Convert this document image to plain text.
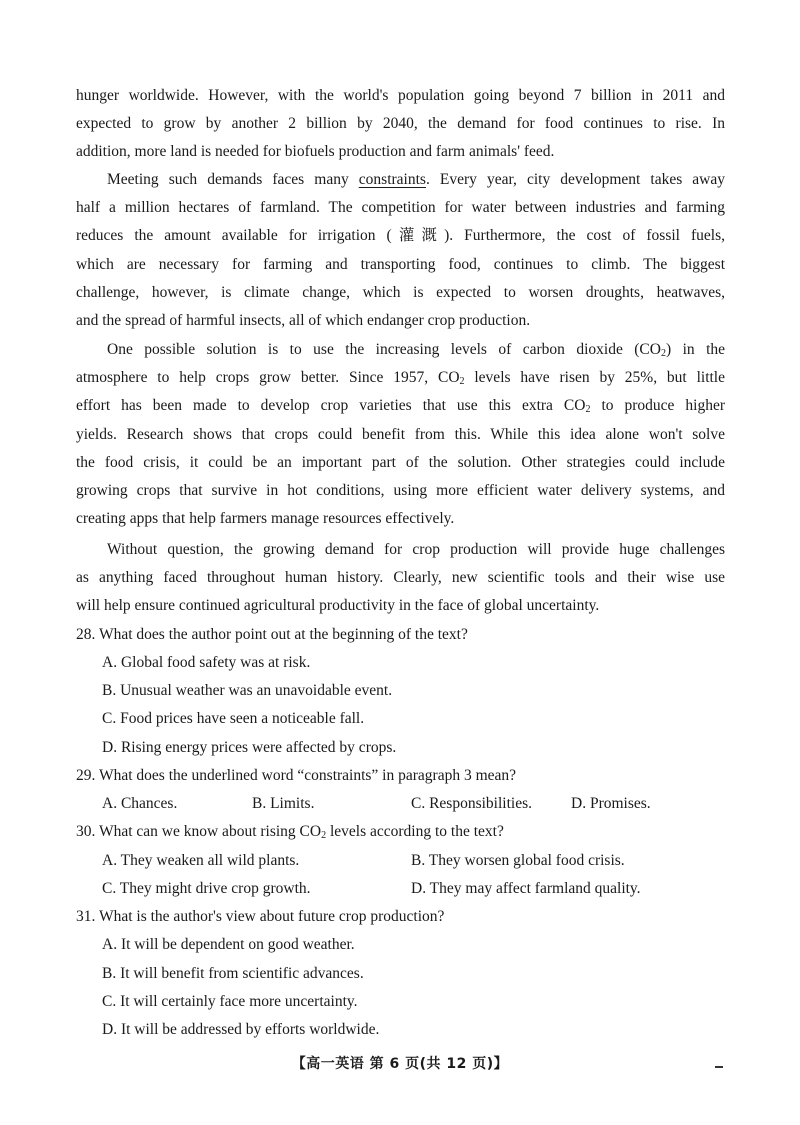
hunger worldwide. However, with the world's population going beyond 7 billion in 2011 and
expected to grow by another 2 billion by 2040, the demand for food continues to rise. In
addition, more land is needed for biofuels production and farm animals' feed.
Meeting such demands faces many constraints. Every year, city development takes away
half a million hectares of farmland. The competition for water between industries and farming
reduces the amount available for irrigation (灌溉). Furthermore, the cost of fossil fuels,
which are necessary for farming and transporting food, continues to climb. The biggest
challenge, however, is climate change, which is expected to worsen droughts, heatwaves,
and the spread of harmful insects, all of which endanger crop production.
One possible solution is to use the increasing levels of carbon dioxide $(CO_2)$ in the
atmosphere to help crops grow better. Since 1957, $CO_2$ levels have risen by 25%, but little
effort has been made to develop crop varieties that use this extra $CO_2$ to produce higher
yields. Research shows that crops could benefit from this. While this idea alone won't solve
the food crisis, it could be an important part of the solution. Other strategies could include
growing crops that survive in hot conditions, using more efficient water delivery systems, and
creating apps that help farmers manage resources effectively.
Without question, the growing demand for crop production will provide huge challenges
as anything faced throughout human history. Clearly, new scientific tools and their wise use
will help ensure continued agricultural productivity in the face of global uncertainty.
28. What does the author point out at the beginning of the text?
A. Global food safety was at risk.
B. Unusual weather was an unavoidable event.
C. Food prices have seen a noticeable fall.
D. Rising energy prices were affected by crops.
29. What does the underlined word “constraints” in paragraph 3 mean?
A. Chances.	B. Limits.	C. Responsibilities.	D. Promises.
30. What can we know about rising $CO_2$ levels according to the text?
A. They weaken all wild plants.	B. They worsen global food crisis.
C. They might drive crop growth.	D. They may affect farmland quality.
31. What is the author's view about future crop production?
A. It will be dependent on good weather.
B. It will benefit from scientific advances.
C. It will certainly face more uncertainty.
D. It will be addressed by efforts worldwide.
【高一英语 第 6 页(共 12 页)】
